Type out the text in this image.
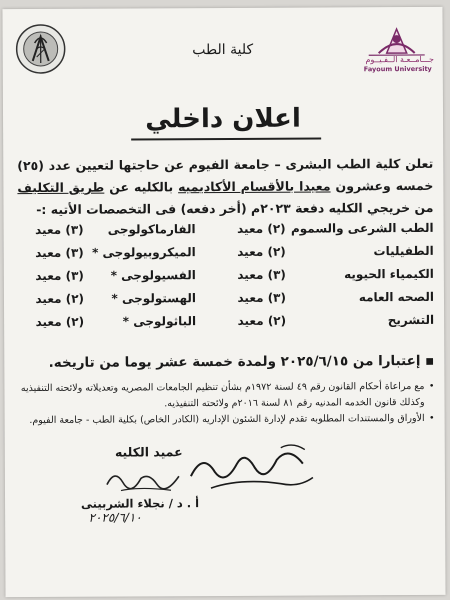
جـــامــعـة الــفـيــوم
Fayoum University
كلية الطب
اعلان داخلي
تعلن كلية الطب البشرى – جامعة الفيوم عن حاجتها لتعيين عدد (٢٥) خمسه وعشرون معيدا بالأقسام الأكاديميه بالكليه عن طريق التكليف من خريجي الكليه دفعة ٢٠٢٣م (أخر دفعه) فى التخصصات الأتيه :-
الطب الشرعى والسموم
(٢) معيد
الفارماكولوجى
(٣) معيد
الطفيليات
(٢) معيد
* الميكروبيولوجى
(٣) معيد
الكيمياء الحيويه
(٣) معيد
* الفسيولوجى
(٣) معيد
الصحه العامه
(٣) معيد
* الهستولوجى
(٢) معيد
التشريح
(٢) معيد
* الباثولوجى
(٢) معيد
▪ إعتبارا من ٢٠٢٥/٦/١٥ ولمدة خمسة عشر يوما من تاريخه.
•
مع مراعاة أحكام القانون رقم ٤٩ لسنة ١٩٧٢م بشأن تنظيم الجامعات المصريه وتعديلاته ولائحته التنفيذيه وكذلك قانون الخدمه المدنيه رقم ٨١ لسنة ٢٠١٦م ولائحته التنفيذيه.
•
الأوراق والمستندات المطلوبه تقدم لإدارة الشئون الإداريه (الكادر الخاص) بكلية الطب - جامعة الفيوم.
عميد الكليه
أ . د / نجلاء الشربينى
٢٠٢٥/٦/١٠
